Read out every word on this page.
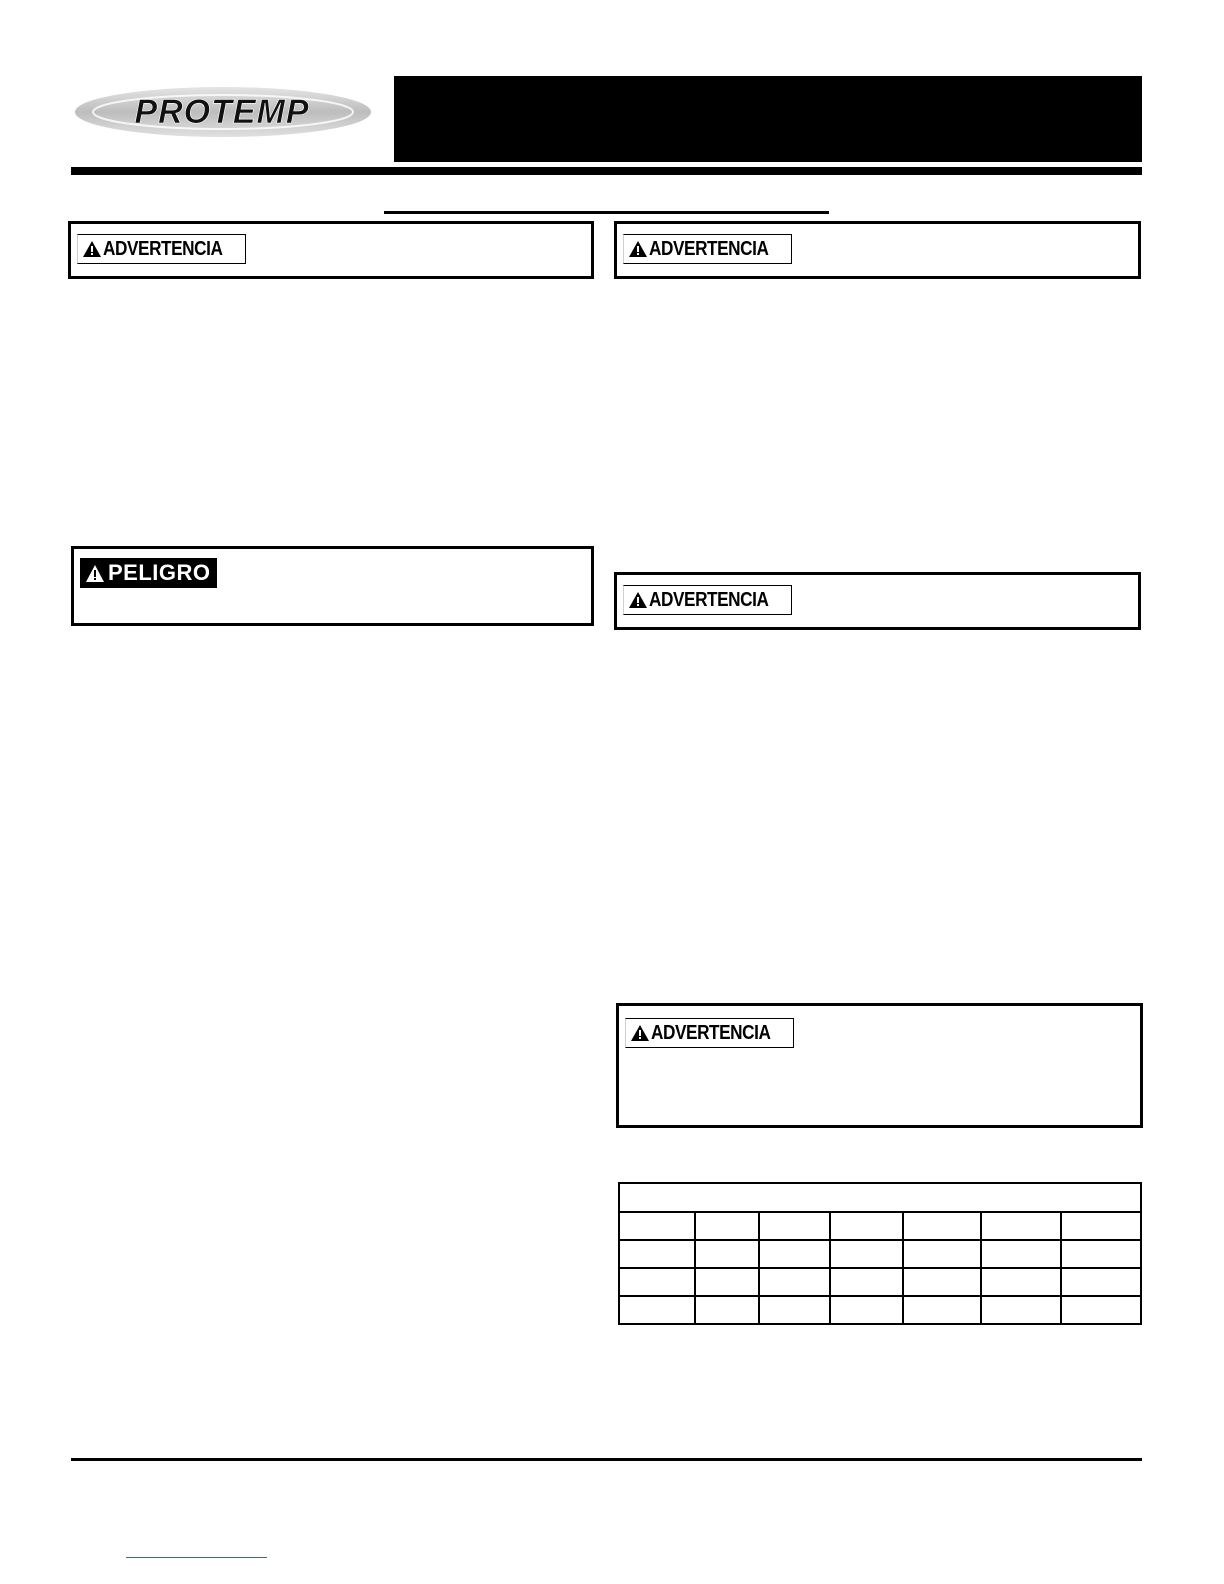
PROTEMP
ADVERTENCIA
PELIGRO
ADVERTENCIA
ADVERTENCIA
ADVERTENCIA
